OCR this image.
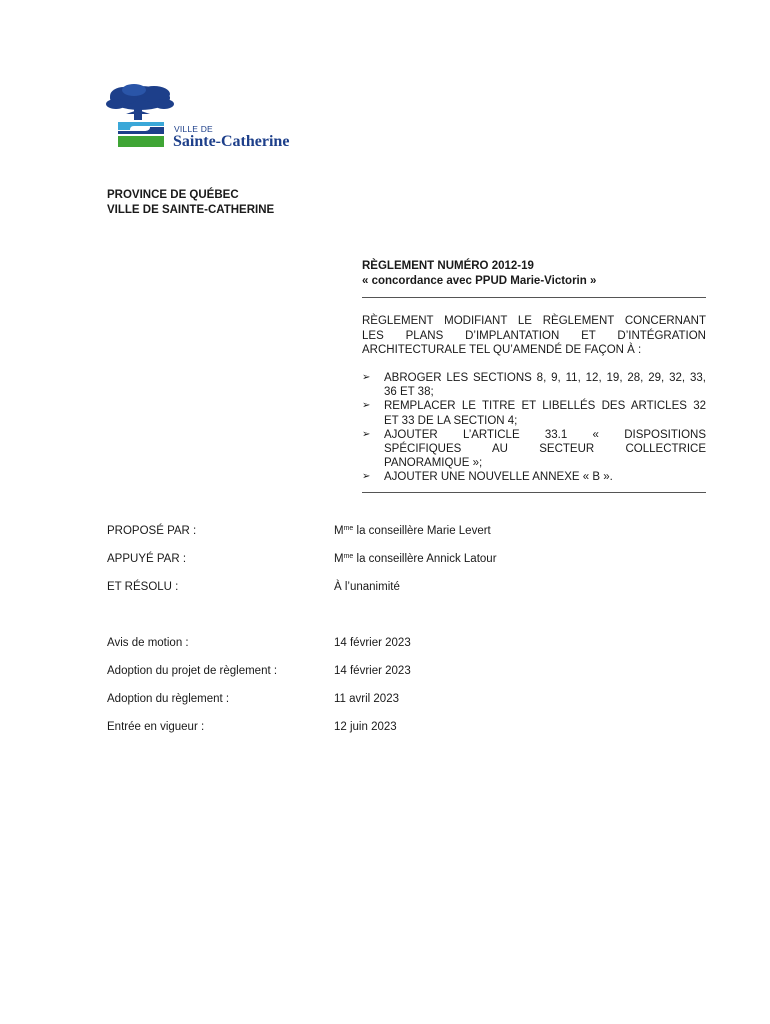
VILLE DE
Sainte-Catherine
PROVINCE DE QUÉBEC
VILLE DE SAINTE-CATHERINE
RÈGLEMENT NUMÉRO 2012-19
« concordance avec PPUD Marie-Victorin »
RÈGLEMENT MODIFIANT LE RÈGLEMENT CONCERNANT
LES PLANS D’IMPLANTATION ET D’INTÉGRATION
ARCHITECTURALE TEL QU’AMENDÉ DE FAÇON À :
➢ ABROGER LES SECTIONS 8, 9, 11, 12, 19, 28, 29, 32, 33,
36 ET 38;
➢ REMPLACER LE TITRE ET LIBELLÉS DES ARTICLES 32
ET 33 DE LA SECTION 4;
➢ AJOUTER L’ARTICLE 33.1 « DISPOSITIONS
SPÉCIFIQUES AU SECTEUR COLLECTRICE
PANORAMIQUE »;
➢ AJOUTER UNE NOUVELLE ANNEXE « B ».
PROPOSÉ PAR :	$M^{me}$ la conseillère Marie Levert
APPUYÉ PAR :	$M^{me}$ la conseillère Annick Latour
ET RÉSOLU :	À l’unanimité
Avis de motion :	14 février 2023
Adoption du projet de règlement :	14 février 2023
Adoption du règlement :	11 avril 2023
Entrée en vigueur :	12 juin 2023
